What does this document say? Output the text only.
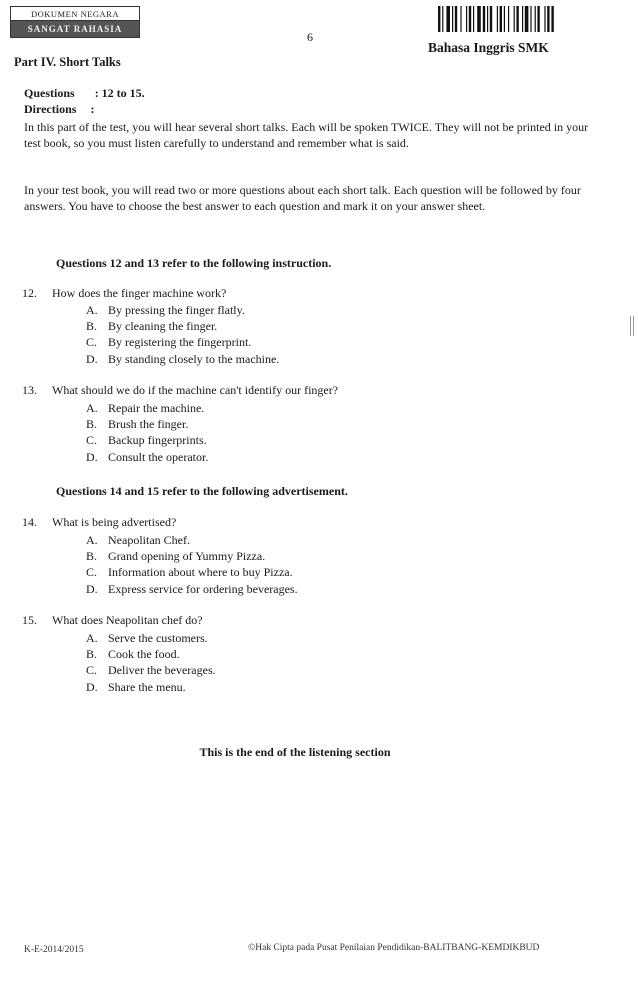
DOKUMEN NEGARA
SANGAT RAHASIA
6
Bahasa Inggris SMK
Part IV. Short Talks
Questions : 12 to 15.
Directions :
In this part of the test, you will hear several short talks. Each will be spoken TWICE. They will not be printed in your test book, so you must listen carefully to understand and remember what is said.
In your test book, you will read two or more questions about each short talk. Each question will be followed by four answers. You have to choose the best answer to each question and mark it on your answer sheet.
Questions 12 and 13 refer to the following instruction.
12. How does the finger machine work?
A. By pressing the finger flatly.
B. By cleaning the finger.
C. By registering the fingerprint.
D. By standing closely to the machine.
13. What should we do if the machine can't identify our finger?
A. Repair the machine.
B. Brush the finger.
C. Backup fingerprints.
D. Consult the operator.
Questions 14 and 15 refer to the following advertisement.
14. What is being advertised?
A. Neapolitan Chef.
B. Grand opening of Yummy Pizza.
C. Information about where to buy Pizza.
D. Express service for ordering beverages.
15. What does Neapolitan chef do?
A. Serve the customers.
B. Cook the food.
C. Deliver the beverages.
D. Share the menu.
This is the end of the listening section
K-E-2014/2015	©Hak Cipta pada Pusat Penilaian Pendidikan-BALITBANG-KEMDIKBUD
